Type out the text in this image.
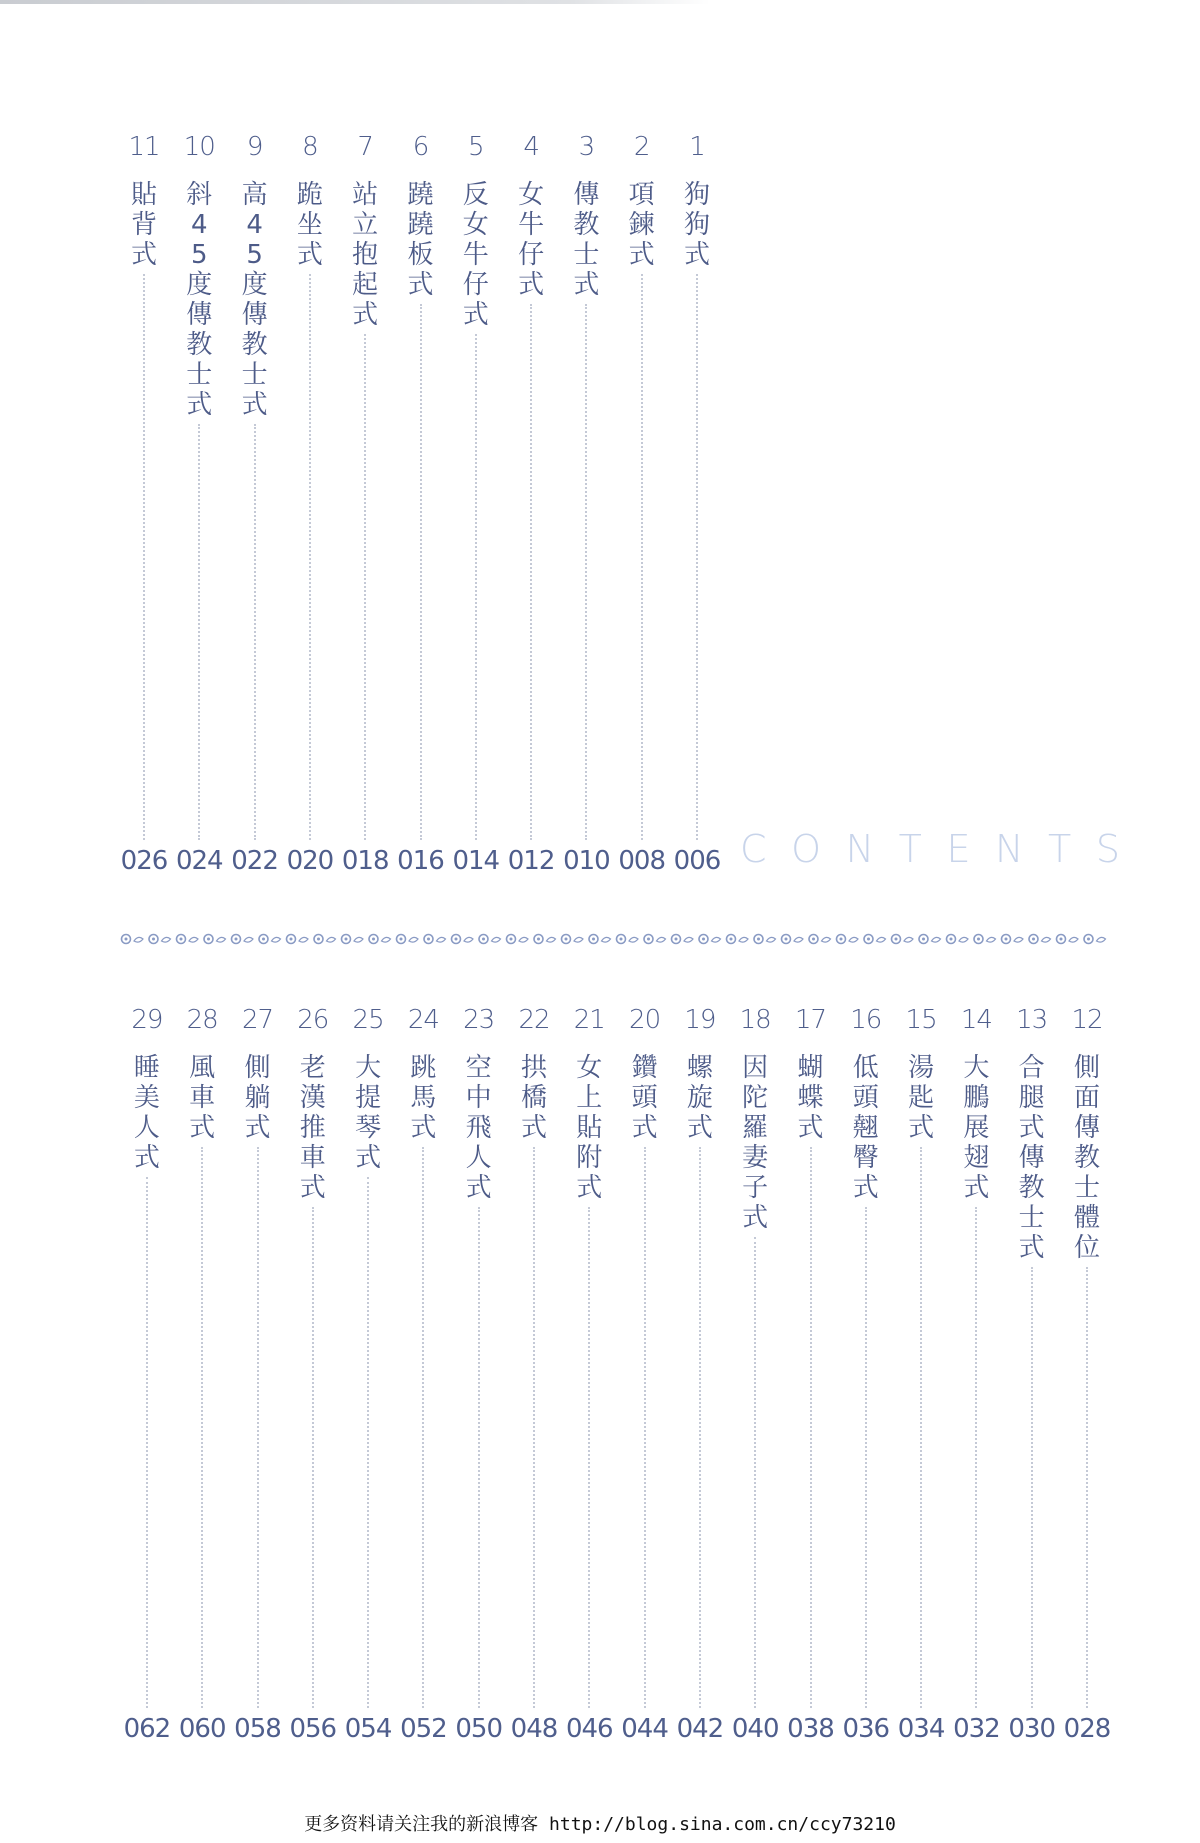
1
狗狗式
006
2
項鍊式
008
3
傳教士式
010
4
女牛仔式
012
5
反女牛仔式
014
6
蹺蹺板式
016
7
站立抱起式
018
8
跪坐式
020
9
高45度傳教士式
022
10
斜45度傳教士式
024
11
貼背式
026	C O N T E N T S
12
側面傳教士體位
028
13
合腿式傳教士式
030
14
大鵬展翅式
032
15
湯匙式
034
16
低頭翹臀式
036
17
蝴蝶式
038
18
因陀羅妻子式
040
19
螺旋式
042
20
鑽頭式
044
21
女上貼附式
046
22
拱橋式
048
23
空中飛人式
050
24
跳馬式
052
25
大提琴式
054
26
老漢推車式
056
27
側躺式
058
28
風車式
060
29
睡美人式
062
更多资料请关注我的新浪博客 http://blog.sina.com.cn/ccy73210
